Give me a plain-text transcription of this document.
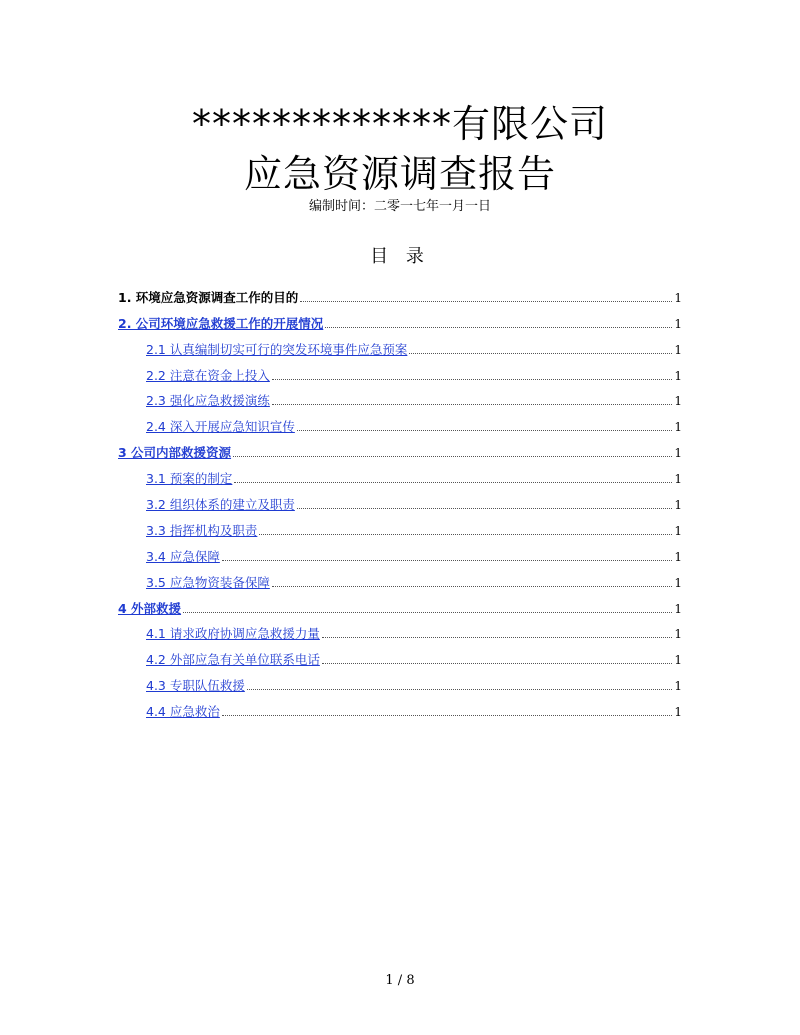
*************有限公司
应急资源调查报告
编制时间：二零一七年一月一日
目 录
1. 环境应急资源调查工作的目的	1
2. 公司环境应急救援工作的开展情况	1
2.1 认真编制切实可行的突发环境事件应急预案	1
2.2 注意在资金上投入	1
2.3 强化应急救援演练	1
2.4 深入开展应急知识宣传	1
3 公司内部救援资源	1
3.1 预案的制定	1
3.2 组织体系的建立及职责	1
3.3 指挥机构及职责	1
3.4 应急保障	1
3.5 应急物资装备保障	1
4 外部救援	1
4.1 请求政府协调应急救援力量	1
4.2 外部应急有关单位联系电话	1
4.3 专职队伍救援	1
4.4 应急救治	1
1 / 8
